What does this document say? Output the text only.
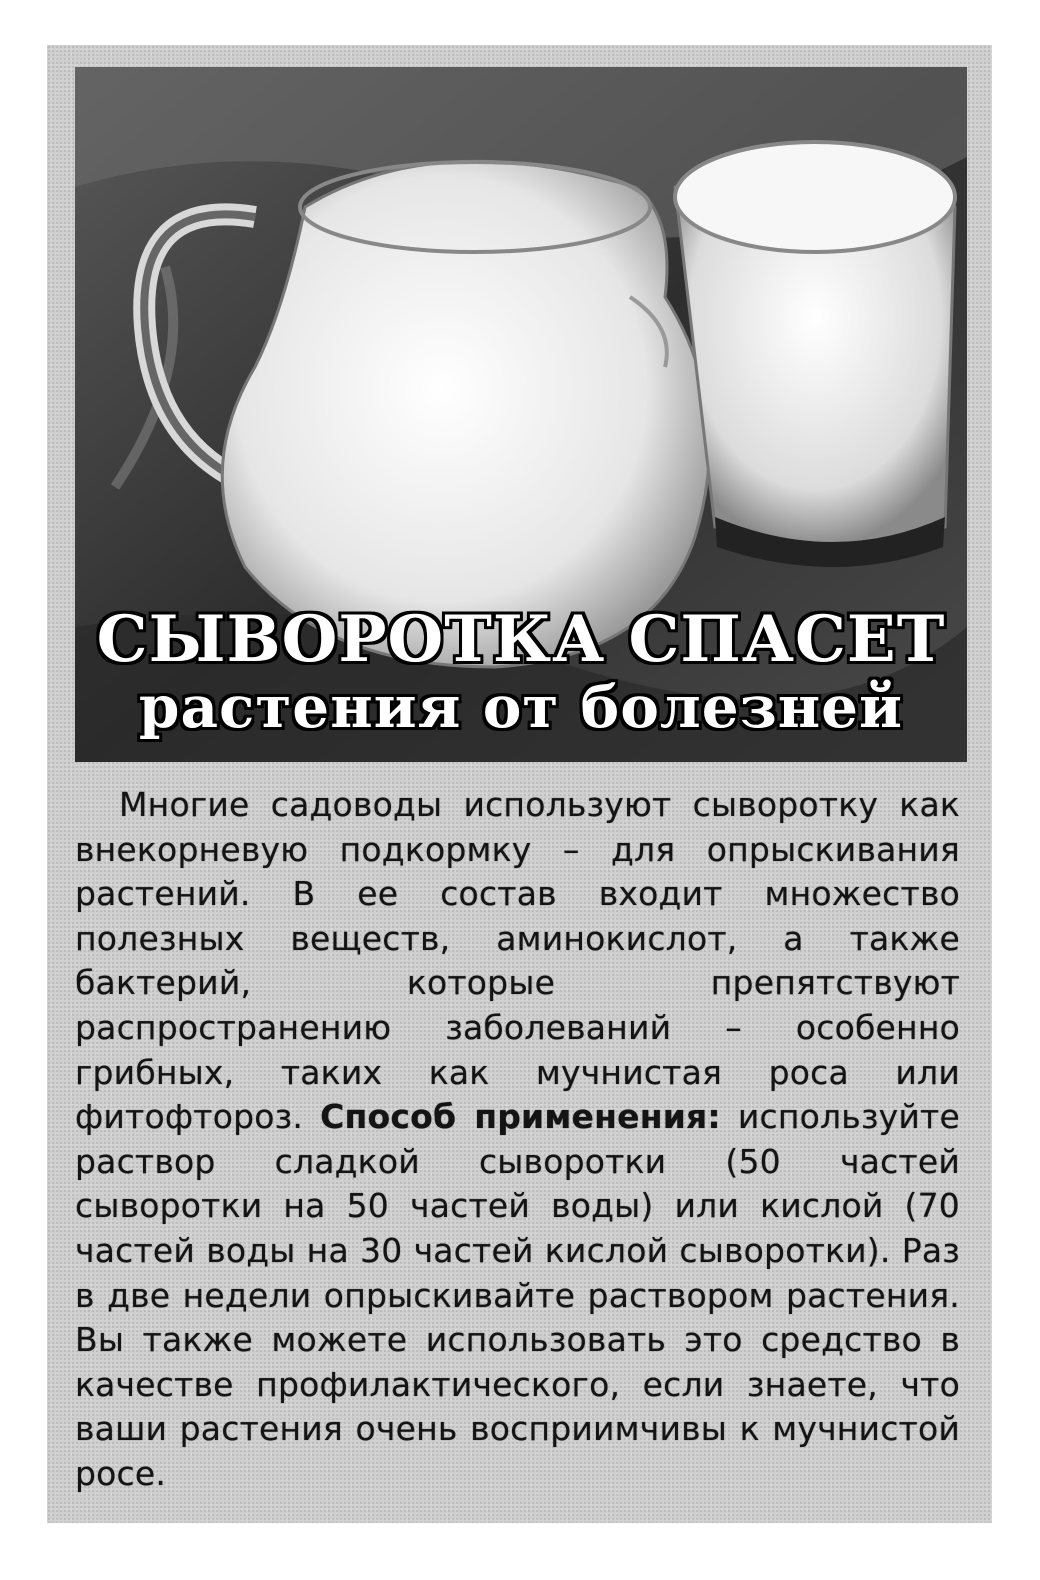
СЫВОРОТКА СПАСЕТ
растения от болезней
Многие садоводы используют сыворотку как внекорневую подкормку – для опрыскивания растений. В ее состав входит множество полезных веществ, аминокислот, а также бактерий, которые препятствуют распространению заболеваний – особенно грибных, таких как мучнистая роса или фитофтороз. Способ применения: используйте раствор сладкой сыворотки (50 частей сыворотки на 50 частей воды) или кислой (70 частей воды на 30 частей кислой сыворотки). Раз в две недели опрыскивайте раствором растения. Вы также можете использовать это средство в качестве профилактического, если знаете, что ваши растения очень восприимчивы к мучнистой росе.
